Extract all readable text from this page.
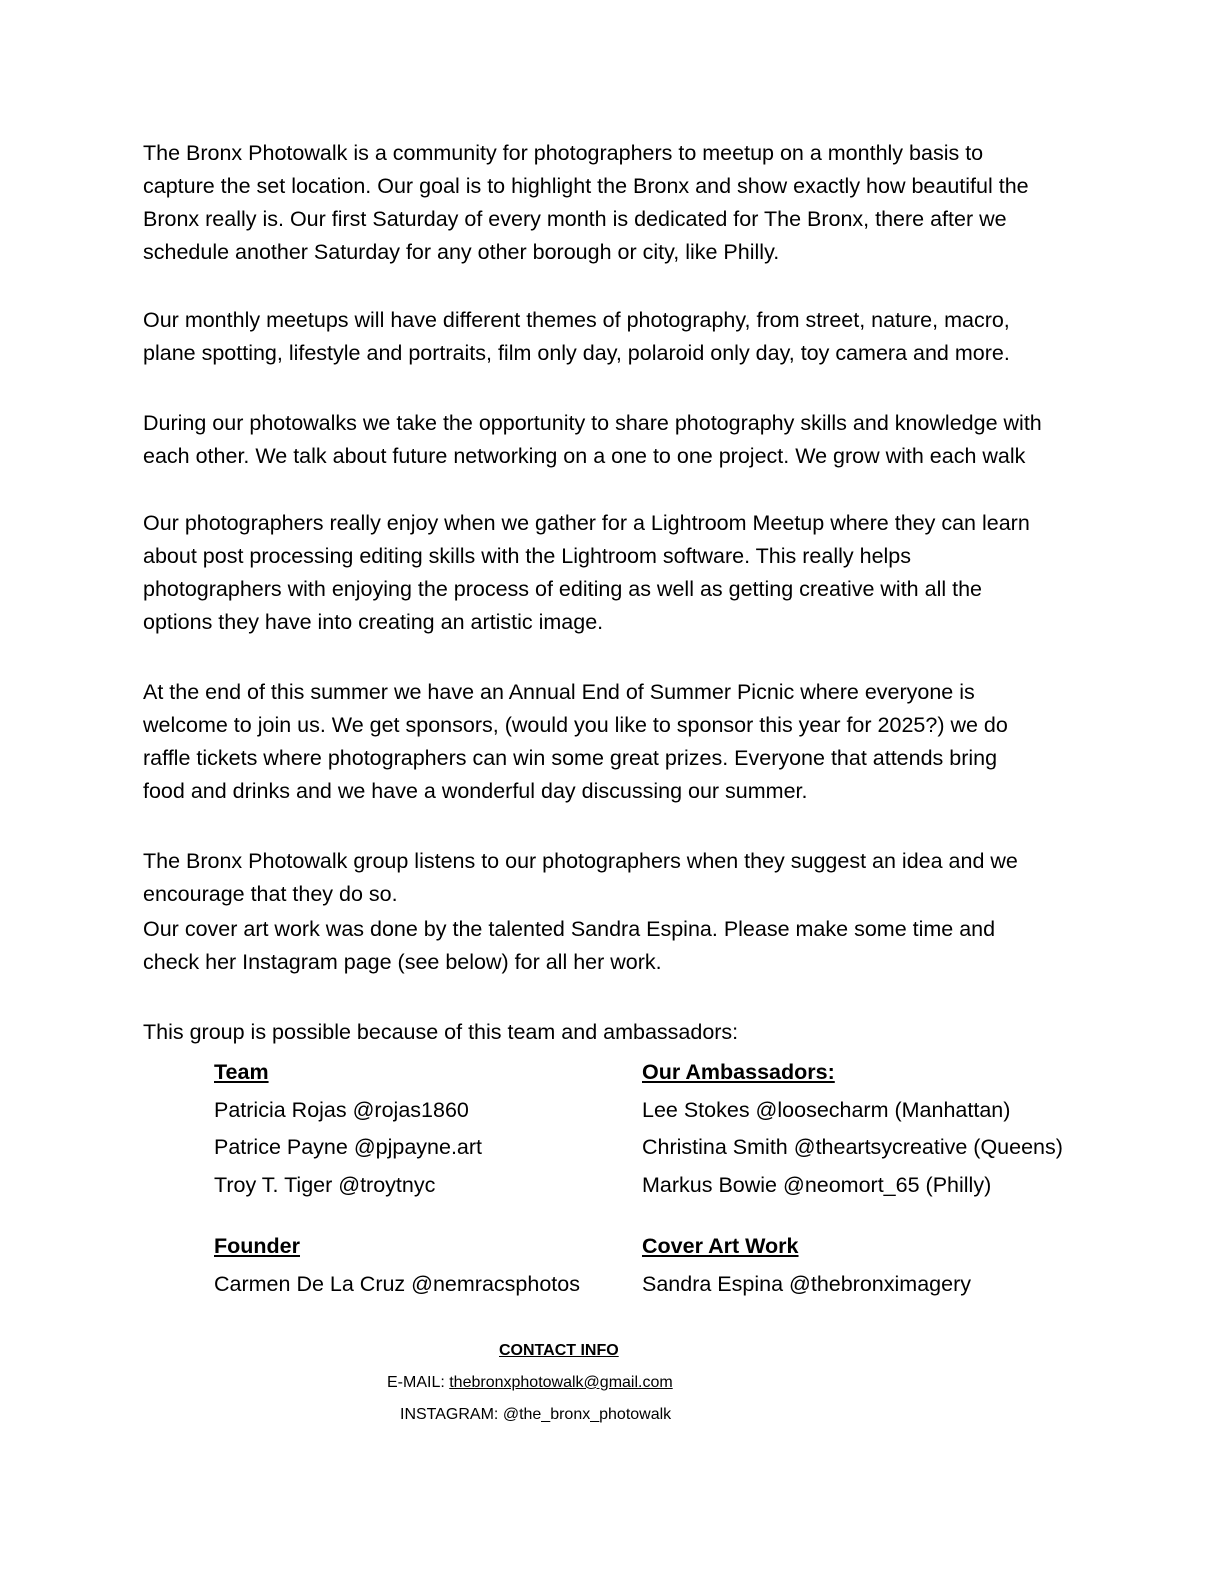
The Bronx Photowalk is a community for photographers to meetup on a monthly basis to
capture the set location. Our goal is to highlight the Bronx and show exactly how beautiful the
Bronx really is. Our first Saturday of every month is dedicated for The Bronx, there after we
schedule another Saturday for any other borough or city, like Philly.

Our monthly meetups will have different themes of photography, from street, nature, macro,
plane spotting, lifestyle and portraits, film only day, polaroid only day, toy camera and more.

During our photowalks we take the opportunity to share photography skills and knowledge with
each other. We talk about future networking on a one to one project. We grow with each walk

Our photographers really enjoy when we gather for a Lightroom Meetup where they can learn
about post processing editing skills with the Lightroom software. This really helps
photographers with enjoying the process of editing as well as getting creative with all the
options they have into creating an artistic image.

At the end of this summer we have an Annual End of Summer Picnic where everyone is
welcome to join us. We get sponsors, (would you like to sponsor this year for 2025?) we do
raffle tickets where photographers can win some great prizes. Everyone that attends bring
food and drinks and we have a wonderful day discussing our summer.

The Bronx Photowalk group listens to our photographers when they suggest an idea and we
encourage that they do so.

Our cover art work was done by the talented Sandra Espina. Please make some time and
check her Instagram page (see below) for all her work.

This group is possible because of this team and ambassadors:

Team
Patricia Rojas @rojas1860
Patrice Payne @pjpayne.art
Troy T. Tiger @troytnyc
Our Ambassadors:
Lee Stokes @loosecharm (Manhattan)
Christina Smith @theartsycreative (Queens)
Markus Bowie @neomort_65 (Philly)
Founder
Carmen De La Cruz @nemracsphotos
Cover Art Work
Sandra Espina @thebronximagery
CONTACT INFO
E-MAIL: thebronxphotowalk@gmail.com
INSTAGRAM: @the_bronx_photowalk
